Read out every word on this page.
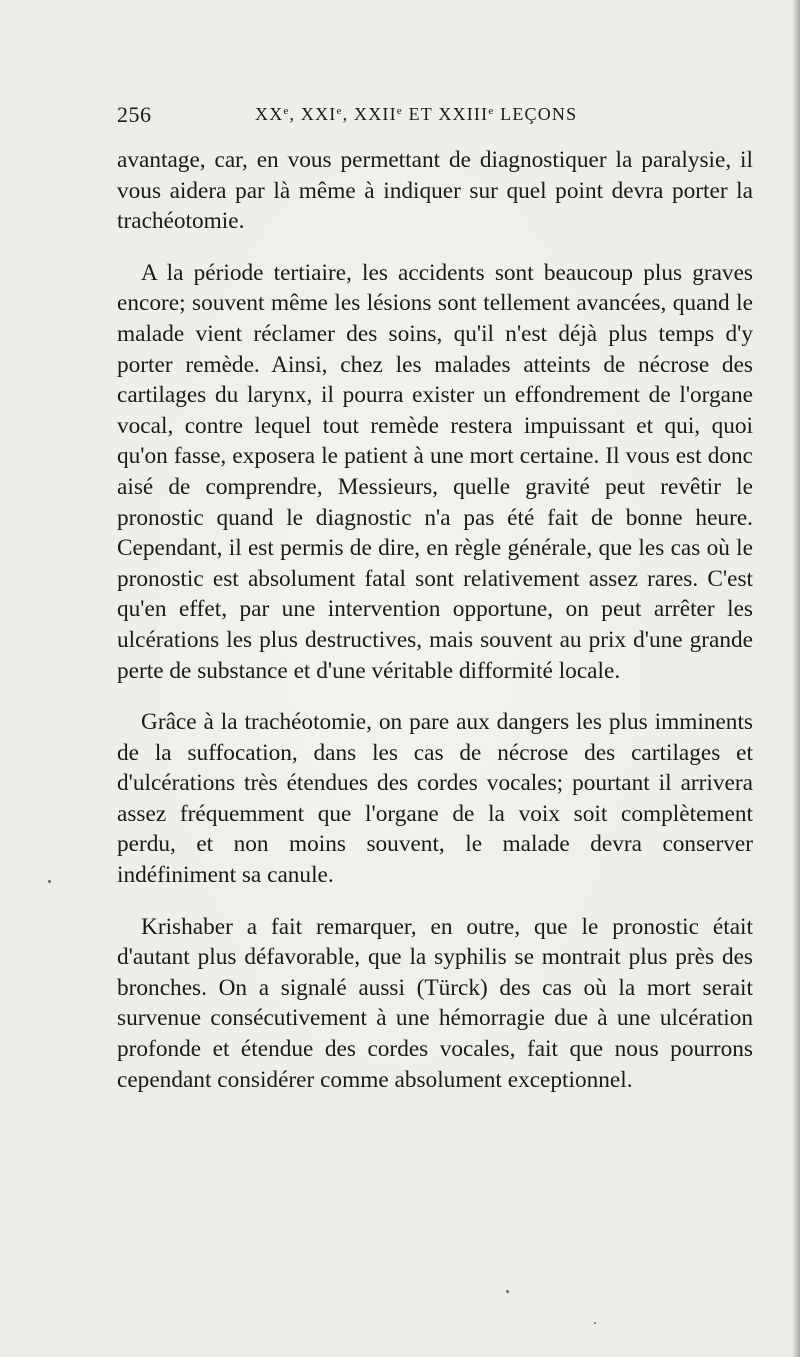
256	XXe, XXIe, XXIIe ET XXIIIe LEÇONS

avantage, car, en vous permettant de diagnostiquer la paralysie, il vous aidera par là même à indiquer sur quel point devra porter la trachéotomie.

A la période tertiaire, les accidents sont beaucoup plus graves encore; souvent même les lésions sont tellement avancées, quand le malade vient réclamer des soins, qu'il n'est déjà plus temps d'y porter remède. Ainsi, chez les malades atteints de nécrose des cartilages du larynx, il pourra exister un effondrement de l'organe vocal, contre lequel tout remède restera impuissant et qui, quoi qu'on fasse, exposera le patient à une mort certaine. Il vous est donc aisé de comprendre, Messieurs, quelle gravité peut revêtir le pronostic quand le diagnostic n'a pas été fait de bonne heure. Cependant, il est permis de dire, en règle générale, que les cas où le pronostic est absolument fatal sont relativement assez rares. C'est qu'en effet, par une intervention opportune, on peut arrêter les ulcérations les plus destructives, mais souvent au prix d'une grande perte de substance et d'une véritable difformité locale.

Grâce à la trachéotomie, on pare aux dangers les plus imminents de la suffocation, dans les cas de nécrose des cartilages et d'ulcérations très étendues des cordes vocales; pourtant il arrivera assez fréquemment que l'organe de la voix soit complètement perdu, et non moins souvent, le malade devra conserver indéfiniment sa canule.

Krishaber a fait remarquer, en outre, que le pronostic était d'autant plus défavorable, que la syphilis se montrait plus près des bronches. On a signalé aussi (Türck) des cas où la mort serait survenue consécutivement à une hémorragie due à une ulcération profonde et étendue des cordes vocales, fait que nous pourrons cependant considérer comme absolument exceptionnel.
